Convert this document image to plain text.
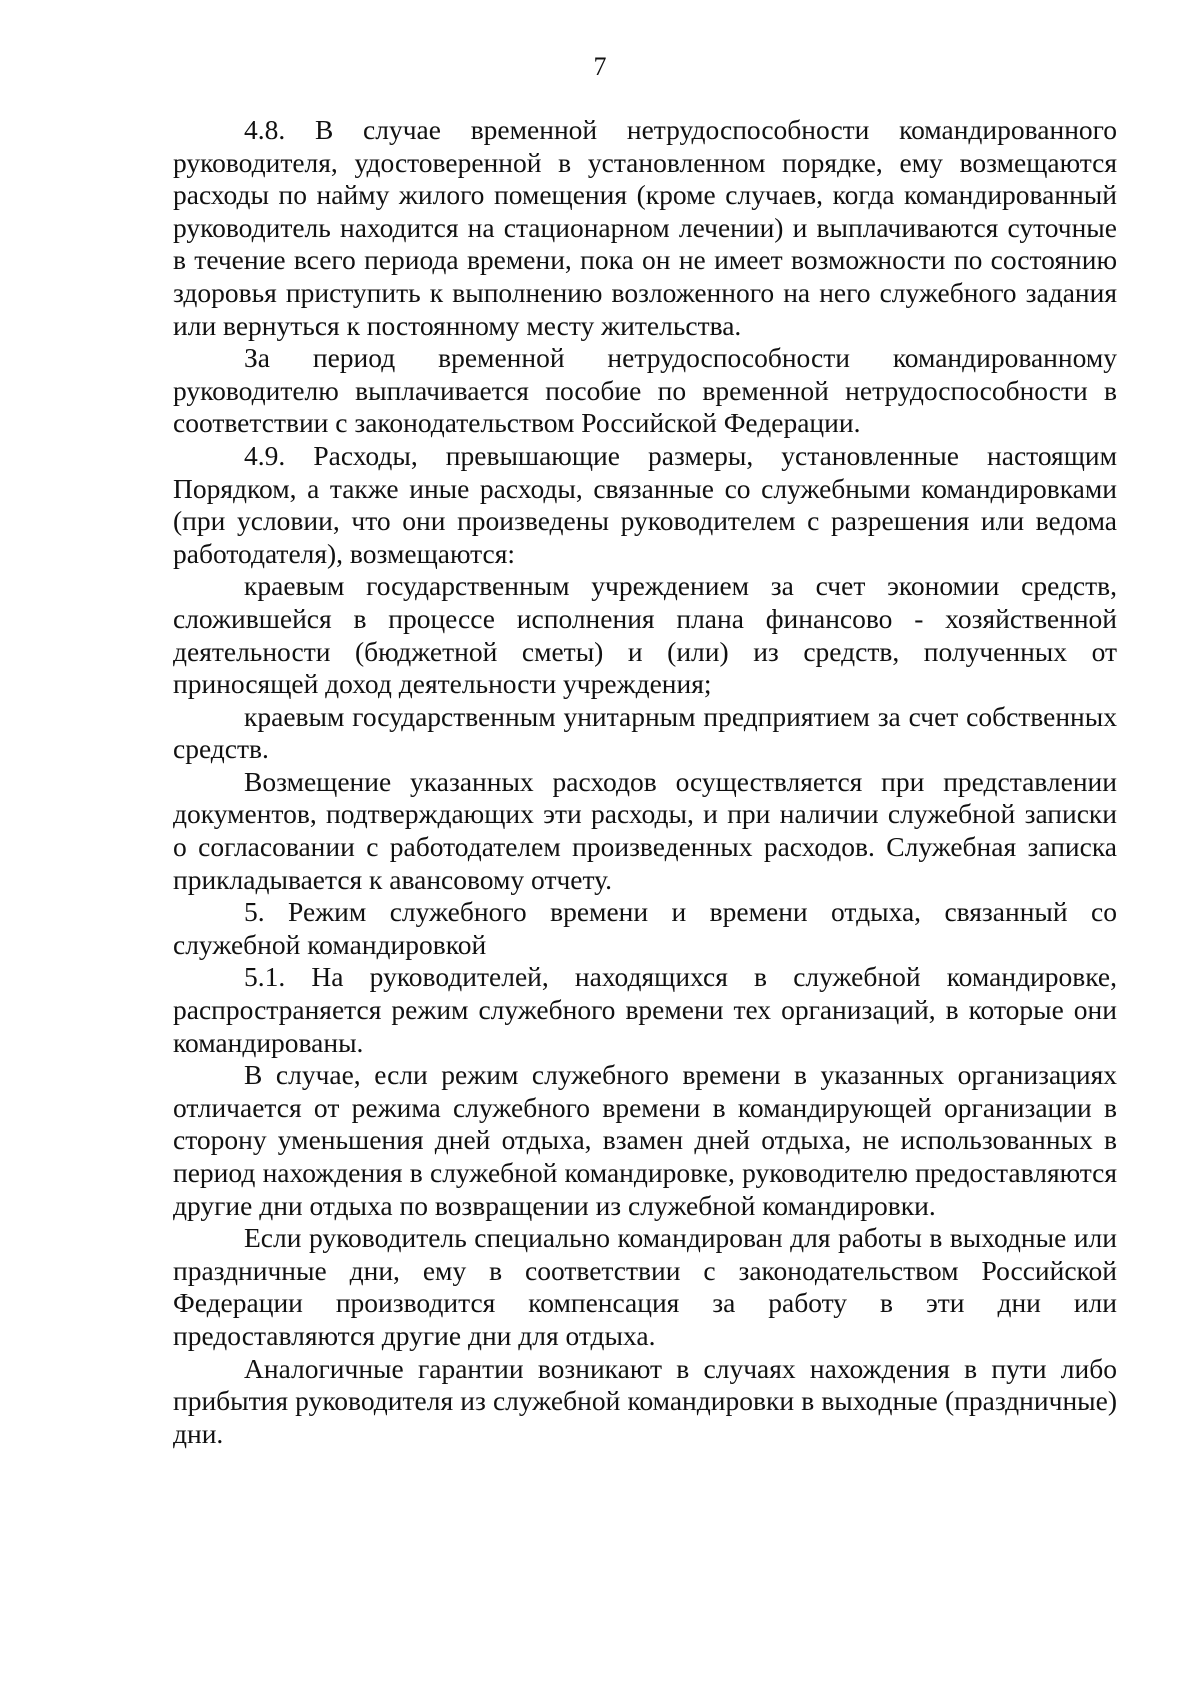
7

4.8. В случае временной нетрудоспособности командированного руководителя, удостоверенной в установленном порядке, ему возмещаются расходы по найму жилого помещения (кроме случаев, когда командированный руководитель находится на стационарном лечении) и выплачиваются суточные в течение всего периода времени, пока он не имеет возможности по состоянию здоровья приступить к выполнению возложенного на него служебного задания или вернуться к постоянному месту жительства.

За период временной нетрудоспособности командированному руководителю выплачивается пособие по временной нетрудоспособности в соответствии с законодательством Российской Федерации.

4.9. Расходы, превышающие размеры, установленные настоящим Порядком, а также иные расходы, связанные со служебными командировками (при условии, что они произведены руководителем с разрешения или ведома работодателя), возмещаются:

краевым государственным учреждением за счет экономии средств, сложившейся в процессе исполнения плана финансово - хозяйственной деятельности (бюджетной сметы) и (или) из средств, полученных от приносящей доход деятельности учреждения;

краевым государственным унитарным предприятием за счет собственных средств.

Возмещение указанных расходов осуществляется при представлении документов, подтверждающих эти расходы, и при наличии служебной записки о согласовании с работодателем произведенных расходов. Служебная записка прикладывается к авансовому отчету.

5. Режим служебного времени и времени отдыха, связанный со служебной командировкой

5.1. На руководителей, находящихся в служебной командировке, распространяется режим служебного времени тех организаций, в которые они командированы.

В случае, если режим служебного времени в указанных организациях отличается от режима служебного времени в командирующей организации в сторону уменьшения дней отдыха, взамен дней отдыха, не использованных в период нахождения в служебной командировке, руководителю предоставляются другие дни отдыха по возвращении из служебной командировки.

Если руководитель специально командирован для работы в выходные или праздничные дни, ему в соответствии с законодательством Российской Федерации производится компенсация за работу в эти дни или предоставляются другие дни для отдыха.

Аналогичные гарантии возникают в случаях нахождения в пути либо прибытия руководителя из служебной командировки в выходные (праздничные) дни.
